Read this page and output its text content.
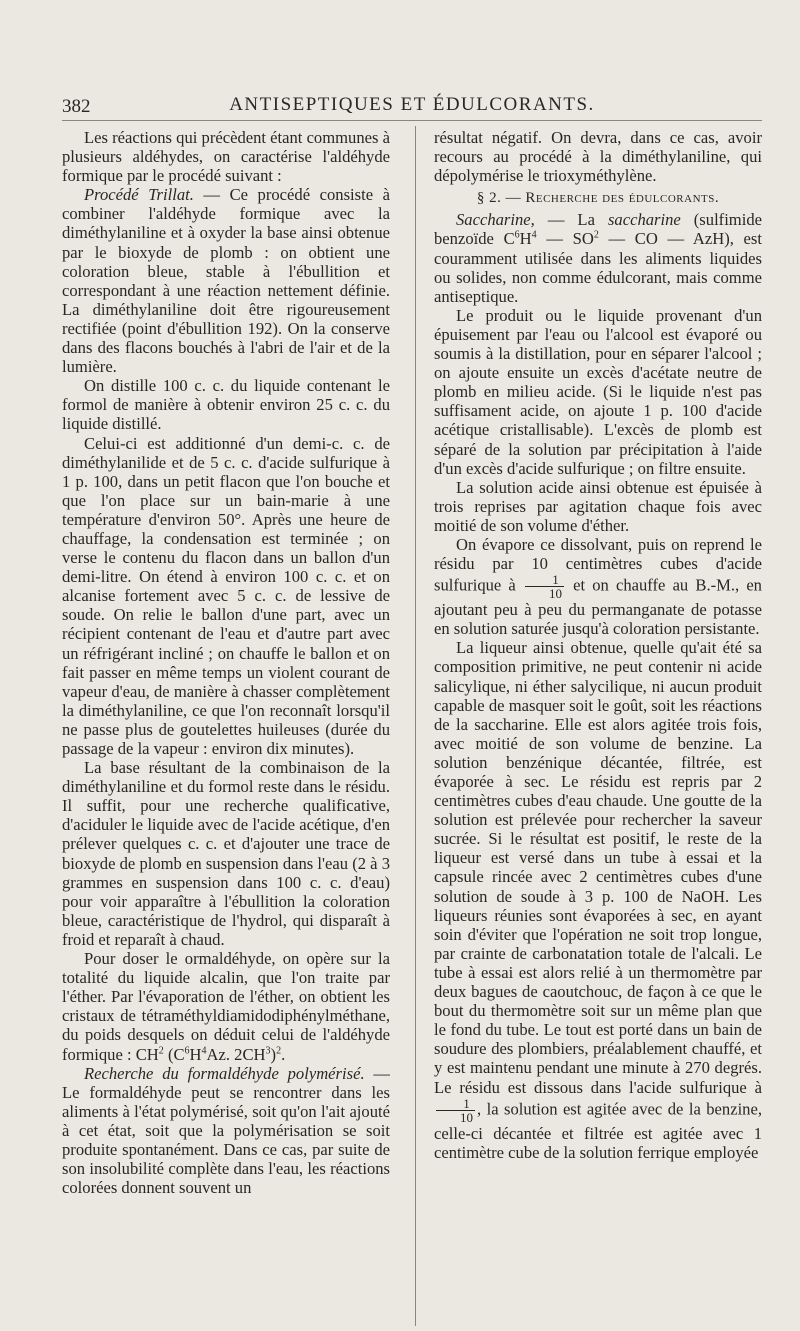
382	ANTISEPTIQUES ET ÉDULCORANTS.

Les réactions qui précèdent étant communes à plusieurs aldéhydes, on caractérise l'aldéhyde formique par le procédé suivant :

Procédé Trillat. — Ce procédé consiste à combiner l'aldéhyde formique avec la diméthylaniline et à oxyder la base ainsi obtenue par le bioxyde de plomb : on obtient une coloration bleue, stable à l'ébullition et correspondant à une réaction nettement définie. La diméthylaniline doit être rigoureusement rectifiée (point d'ébullition 192). On la conserve dans des flacons bouchés à l'abri de l'air et de la lumière.

On distille 100 c. c. du liquide contenant le formol de manière à obtenir environ 25 c. c. du liquide distillé.

Celui-ci est additionné d'un demi-c. c. de diméthylanilide et de 5 c. c. d'acide sulfurique à 1 p. 100, dans un petit flacon que l'on bouche et que l'on place sur un bain-marie à une température d'environ 50°. Après une heure de chauffage, la condensation est terminée ; on verse le contenu du flacon dans un ballon d'un demi-litre. On étend à environ 100 c. c. et on alcanise fortement avec 5 c. c. de lessive de soude. On relie le ballon d'une part, avec un récipient contenant de l'eau et d'autre part avec un réfrigérant incliné ; on chauffe le ballon et on fait passer en même temps un violent courant de vapeur d'eau, de manière à chasser complètement la diméthylaniline, ce que l'on reconnaît lorsqu'il ne passe plus de goutelettes huileuses (durée du passage de la vapeur : environ dix minutes).

La base résultant de la combinaison de la diméthylaniline et du formol reste dans le résidu. Il suffit, pour une recherche qualificative, d'aciduler le liquide avec de l'acide acétique, d'en prélever quelques c. c. et d'ajouter une trace de bioxyde de plomb en suspension dans l'eau (2 à 3 grammes en suspension dans 100 c. c. d'eau) pour voir apparaître à l'ébullition la coloration bleue, caractéristique de l'hydrol, qui disparaît à froid et reparaît à chaud.

Pour doser le ormaldéhyde, on opère sur la totalité du liquide alcalin, que l'on traite par l'éther. Par l'évaporation de l'éther, on obtient les cristaux de tétraméthyldiamidodiphénylméthane, du poids desquels on déduit celui de l'aldéhyde formique : $CH^2$ ($C^6H^4Az$. $2CH^3)^2$.

Recherche du formaldéhyde polymérisé. — Le formaldéhyde peut se rencontrer dans les aliments à l'état polymérisé, soit qu'on l'ait ajouté à cet état, soit que la polymérisation se soit produite spontanément. Dans ce cas, par suite de son insolubilité complète dans l'eau, les réactions colorées donnent souvent un

résultat négatif. On devra, dans ce cas, avoir recours au procédé à la diméthylaniline, qui dépolymérise le trioxyméthylène.

§ 2. — Recherche des édulcorants.

Saccharine, — La saccharine (sulfimide benzoïde $C^6H^4$ — $SO^2$ — CO — AzH), est couramment utilisée dans les aliments liquides ou solides, non comme édulcorant, mais comme antiseptique.

Le produit ou le liquide provenant d'un épuisement par l'eau ou l'alcool est évaporé ou soumis à la distillation, pour en séparer l'alcool ; on ajoute ensuite un excès d'acétate neutre de plomb en milieu acide. (Si le liquide n'est pas suffisament acide, on ajoute 1 p. 100 d'acide acétique cristallisable). L'excès de plomb est séparé de la solution par précipitation à l'aide d'un excès d'acide sulfurique ; on filtre ensuite.

La solution acide ainsi obtenue est épuisée à trois reprises par agitation chaque fois avec moitié de son volume d'éther.

On évapore ce dissolvant, puis on reprend le résidu par 10 centimètres cubes d'acide sulfurique à $\frac{1}{10}$ et on chauffe au B.-M., en ajoutant peu à peu du permanganate de potasse en solution saturée jusqu'à coloration persistante.

La liqueur ainsi obtenue, quelle qu'ait été sa composition primitive, ne peut contenir ni acide salicylique, ni éther salycilique, ni aucun produit capable de masquer soit le goût, soit les réactions de la saccharine. Elle est alors agitée trois fois, avec moitié de son volume de benzine. La solution benzénique décantée, filtrée, est évaporée à sec. Le résidu est repris par 2 centimètres cubes d'eau chaude. Une goutte de la solution est prélevée pour rechercher la saveur sucrée. Si le résultat est positif, le reste de la liqueur est versé dans un tube à essai et la capsule rincée avec 2 centimètres cubes d'une solution de soude à 3 p. 100 de NaOH. Les liqueurs réunies sont évaporées à sec, en ayant soin d'éviter que l'opération ne soit trop longue, par crainte de carbonatation totale de l'alcali. Le tube à essai est alors relié à un thermomètre par deux bagues de caoutchouc, de façon à ce que le bout du thermomètre soit sur un même plan que le fond du tube. Le tout est porté dans un bain de soudure des plombiers, préalablement chauffé, et y est maintenu pendant une minute à 270 degrés. Le résidu est dissous dans l'acide sulfurique à
$\frac{1}{10}$ , la solution est agitée avec de la benzine, celle-ci décantée et filtrée est agitée avec 1 centimètre cube de la solution ferrique employée
